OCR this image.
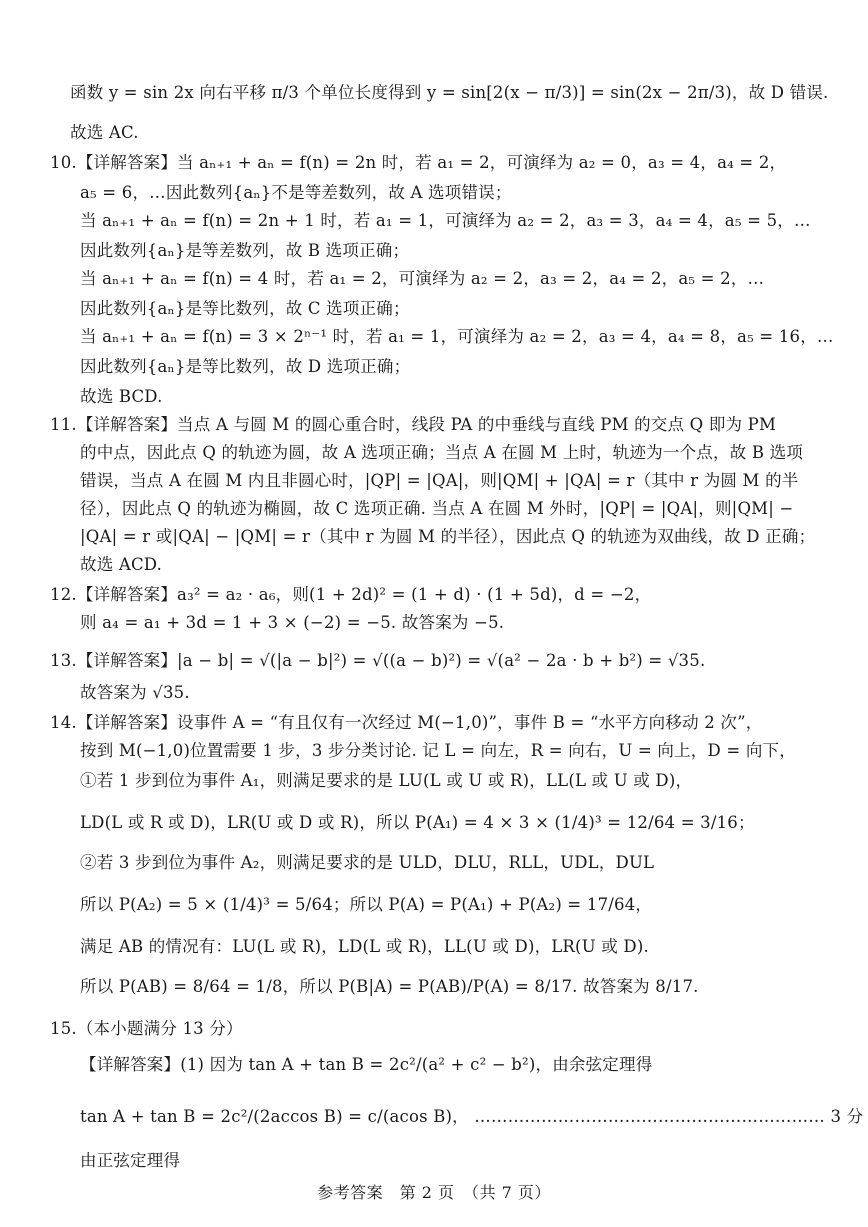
函数 y = sin 2x 向右平移 π/3 个单位长度得到 y = sin[2(x − π/3)] = sin(2x − 2π/3)，故 D 错误.
故选 AC.
10.【详解答案】当 aₙ₊₁ + aₙ = f(n) = 2n 时，若 a₁ = 2，可演绎为 a₂ = 0，a₃ = 4，a₄ = 2，
a₅ = 6，…因此数列{aₙ}不是等差数列，故 A 选项错误；
当 aₙ₊₁ + aₙ = f(n) = 2n + 1 时，若 a₁ = 1，可演绎为 a₂ = 2，a₃ = 3，a₄ = 4，a₅ = 5，…
因此数列{aₙ}是等差数列，故 B 选项正确；
当 aₙ₊₁ + aₙ = f(n) = 4 时，若 a₁ = 2，可演绎为 a₂ = 2，a₃ = 2，a₄ = 2，a₅ = 2，…
因此数列{aₙ}是等比数列，故 C 选项正确；
当 aₙ₊₁ + aₙ = f(n) = 3 × 2ⁿ⁻¹ 时，若 a₁ = 1，可演绎为 a₂ = 2，a₃ = 4，a₄ = 8，a₅ = 16，…
因此数列{aₙ}是等比数列，故 D 选项正确；
故选 BCD.
11.【详解答案】当点 A 与圆 M 的圆心重合时，线段 PA 的中垂线与直线 PM 的交点 Q 即为 PM
的中点，因此点 Q 的轨迹为圆，故 A 选项正确；当点 A 在圆 M 上时，轨迹为一个点，故 B 选项
错误，当点 A 在圆 M 内且非圆心时，|QP| = |QA|，则|QM| + |QA| = r（其中 r 为圆 M 的半
径），因此点 Q 的轨迹为椭圆，故 C 选项正确. 当点 A 在圆 M 外时，|QP| = |QA|，则|QM| −
|QA| = r 或|QA| − |QM| = r（其中 r 为圆 M 的半径），因此点 Q 的轨迹为双曲线，故 D 正确；
故选 ACD.
12.【详解答案】a₃² = a₂ · a₆，则(1 + 2d)² = (1 + d) · (1 + 5d)，d = −2，
则 a₄ = a₁ + 3d = 1 + 3 × (−2) = −5. 故答案为 −5.
13.【详解答案】|a − b| = √(|a − b|²) = √((a − b)²) = √(a² − 2a · b + b²) = √35.
故答案为 √35.
14.【详解答案】设事件 A = “有且仅有一次经过 M(−1,0)”，事件 B = “水平方向移动 2 次”，
按到 M(−1,0)位置需要 1 步，3 步分类讨论. 记 L = 向左，R = 向右，U = 向上，D = 向下，
①若 1 步到位为事件 A₁，则满足要求的是 LU(L 或 U 或 R)，LL(L 或 U 或 D)，
LD(L 或 R 或 D)，LR(U 或 D 或 R)，所以 P(A₁) = 4 × 3 × (1/4)³ = 12/64 = 3/16；
②若 3 步到位为事件 A₂，则满足要求的是 ULD，DLU，RLL，UDL，DUL
所以 P(A₂) = 5 × (1/4)³ = 5/64；所以 P(A) = P(A₁) + P(A₂) = 17/64，
满足 AB 的情况有：LU(L 或 R)，LD(L 或 R)，LL(U 或 D)，LR(U 或 D).
所以 P(AB) = 8/64 = 1/8，所以 P(B|A) = P(AB)/P(A) = 8/17. 故答案为 8/17.
15.（本小题满分 13 分）
【详解答案】(1) 因为 tan A + tan B = 2c²/(a² + c² − b²)，由余弦定理得
tan A + tan B = 2c²/(2accos B) = c/(acos B)， ……………………………………………………… 3 分
由正弦定理得
参考答案　第 2 页　（共 7 页）
